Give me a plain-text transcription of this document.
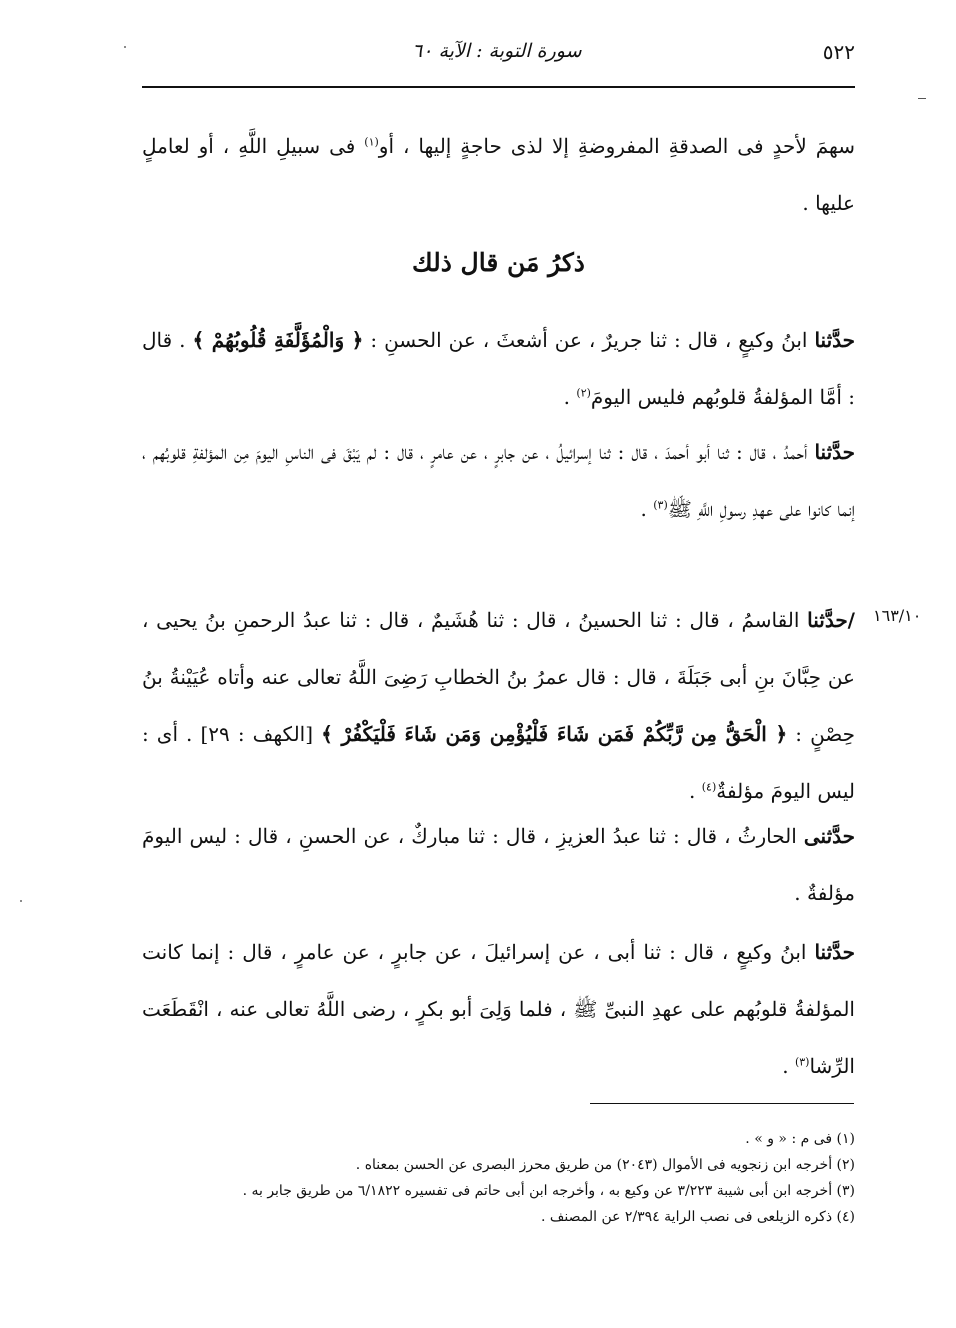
٥٢٢
سورة التوبة : الآية ٦٠
سهمَ لأحدٍ فى الصدقةِ المفروضةِ إلا لذى حاجةٍ إليها ، أو$^{(١)}$ فى سبيلِ اللَّهِ ، أو لعاملٍ عليها .
ذكرُ مَن قال ذلك
حدَّثنا ابنُ وكيعٍ ، قال : ثنا جريرٌ ، عن أشعثَ ، عن الحسنِ : ﴿ وَالْمُؤَلَّفَةِ قُلُوبُهُمْ ﴾ . قال : أمَّا المؤلفةُ قلوبُهم فليس اليومَ$^{(٢)}$ .
حدَّثنا أحمدُ ، قال : ثنا أبو أحمدَ ، قال : ثنا إسرائيلُ ، عن جابرٍ ، عن عامرٍ ، قال : لم يَبْقَ فى الناسِ اليومَ مِن المؤلفةِ قلوبُهم ، إنما كانوا على عهدِ رسولِ اللَّهِ ﷺ$^{(٣)}$ .
١٦٣/١٠
/حدَّثنا القاسمُ ، قال : ثنا الحسينُ ، قال : ثنا هُشَيمٌ ، قال : ثنا عبدُ الرحمنِ بنُ يحيى ، عن حِبَّانَ بنِ أبى جَبَلَةَ ، قال : قال عمرُ بنُ الخطابِ رَضِىَ اللَّهُ تعالى عنه وأتاه عُيَيْنةُ بنُ حِصْنٍ : ﴿ الْحَقُّ مِن رَّبِّكُمْ فَمَن شَاءَ فَلْيُؤْمِن وَمَن شَاءَ فَلْيَكْفُرْ ﴾ [الكهف : ٢٩] . أى : ليس اليومَ مؤلفةٌ$^{(٤)}$ .
حدَّثنى الحارثُ ، قال : ثنا عبدُ العزيزِ ، قال : ثنا مباركٌ ، عن الحسنِ ، قال : ليس اليومَ مؤلفةٌ .
حدَّثنا ابنُ وكيعٍ ، قال : ثنا أبى ، عن إسرائيلَ ، عن جابرٍ ، عن عامرٍ ، قال : إنما كانت المؤلفةُ قلوبُهم على عهدِ النبىِّ ﷺ ، فلما وَلِىَ أبو بكرٍ ، رضى اللَّهُ تعالى عنه ، انْقَطَعَت الرِّشا$^{(٣)}$ .
(١) فى م : « و » .
(٢) أخرجه ابن زنجويه فى الأموال (٢٠٤٣) من طريق محرز البصرى عن الحسن بمعناه .
(٣) أخرجه ابن أبى شيبة ٣/٢٢٣ عن وكيع به ، وأخرجه ابن أبى حاتم فى تفسيره ٦/١٨٢٢ من طريق جابر به .
(٤) ذكره الزيلعى فى نصب الراية ٢/٣٩٤ عن المصنف .
